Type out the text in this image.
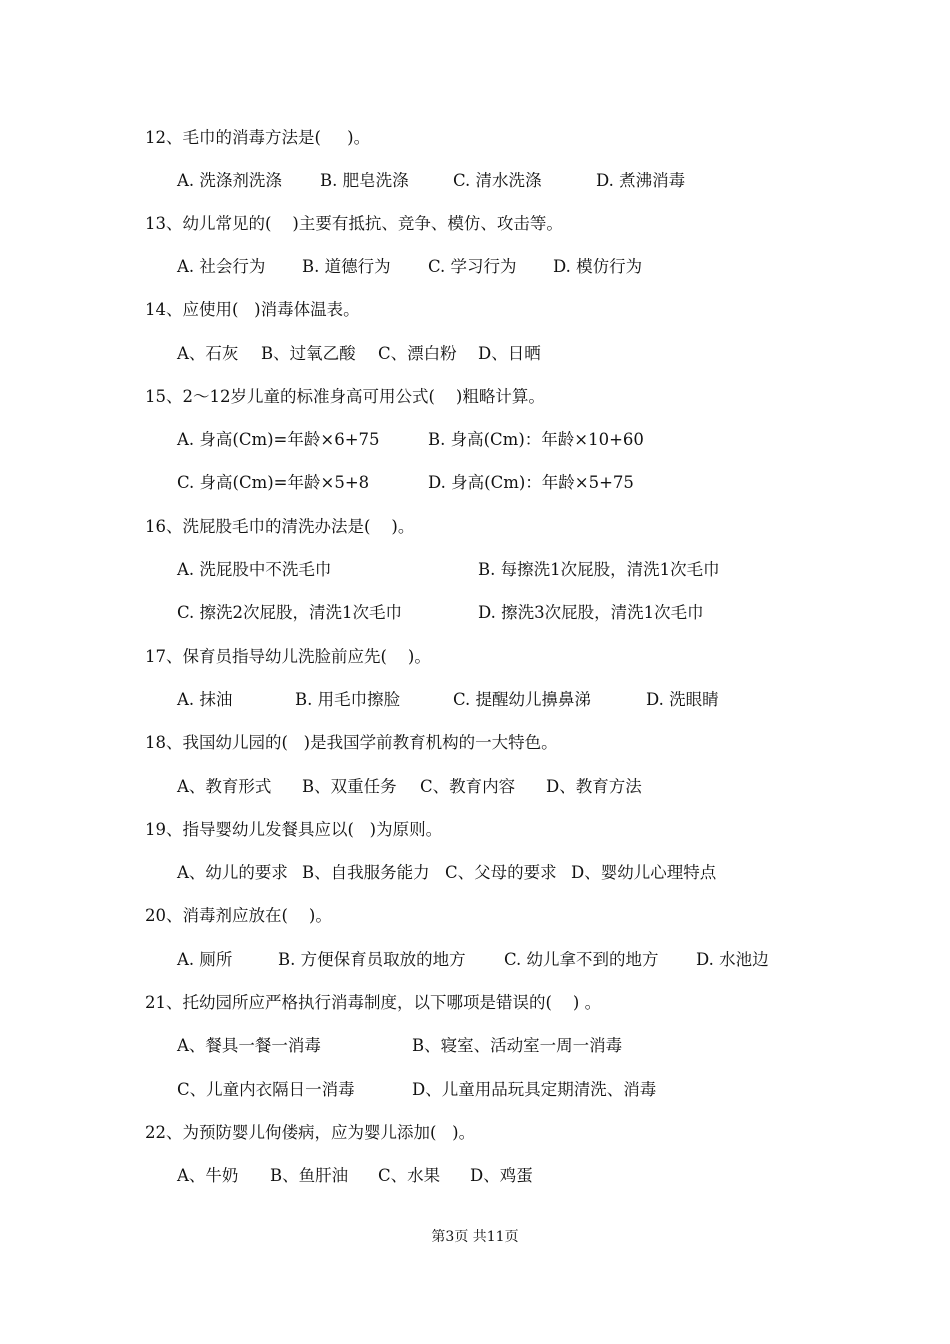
12、毛巾的消毒方法是(     )。
A. 洗涤剂洗涤 B. 肥皂洗涤	C. 清水洗涤	D. 煮沸消毒
13、幼儿常见的(    )主要有抵抗、竞争、模仿、攻击等。
A. 社会行为 B. 道德行为 C. 学习行为 D. 模仿行为
14、应使用(   )消毒体温表。
A、石灰 B、过氧乙酸 C、漂白粉 D、日晒
15、2～12岁儿童的标准身高可用公式(    )粗略计算。
A. 身高(Cm)=年龄×6+75	B. 身高(Cm)：年龄×10+60
C. 身高(Cm)=年龄×5+8	D. 身高(Cm)：年龄×5+75
16、洗屁股毛巾的清洗办法是(    )。
A. 洗屁股中不洗毛巾	B. 每擦洗1次屁股，清洗1次毛巾
C. 擦洗2次屁股，清洗1次毛巾	D. 擦洗3次屁股，清洗1次毛巾
17、保育员指导幼儿洗脸前应先(    )。
A. 抹油	B. 用毛巾擦脸	C. 提醒幼儿擤鼻涕	D. 洗眼睛
18、我国幼儿园的(   )是我国学前教育机构的一大特色。
A、教育形式 B、双重任务 C、教育内容 D、教育方法
19、指导婴幼儿发餐具应以(   )为原则。
A、幼儿的要求 B、自我服务能力 C、父母的要求 D、婴幼儿心理特点
20、消毒剂应放在(    )。
A. 厕所	B. 方便保育员取放的地方 C. 幼儿拿不到的地方 D. 水池边
21、托幼园所应严格执行消毒制度，以下哪项是错误的(    ) 。
A、餐具一餐一消毒	B、寝室、活动室一周一消毒
C、儿童内衣隔日一消毒	D、儿童用品玩具定期清洗、消毒
22、为预防婴儿佝偻病，应为婴儿添加(   )。
A、牛奶 B、鱼肝油 C、水果 D、鸡蛋
第3页 共11页
